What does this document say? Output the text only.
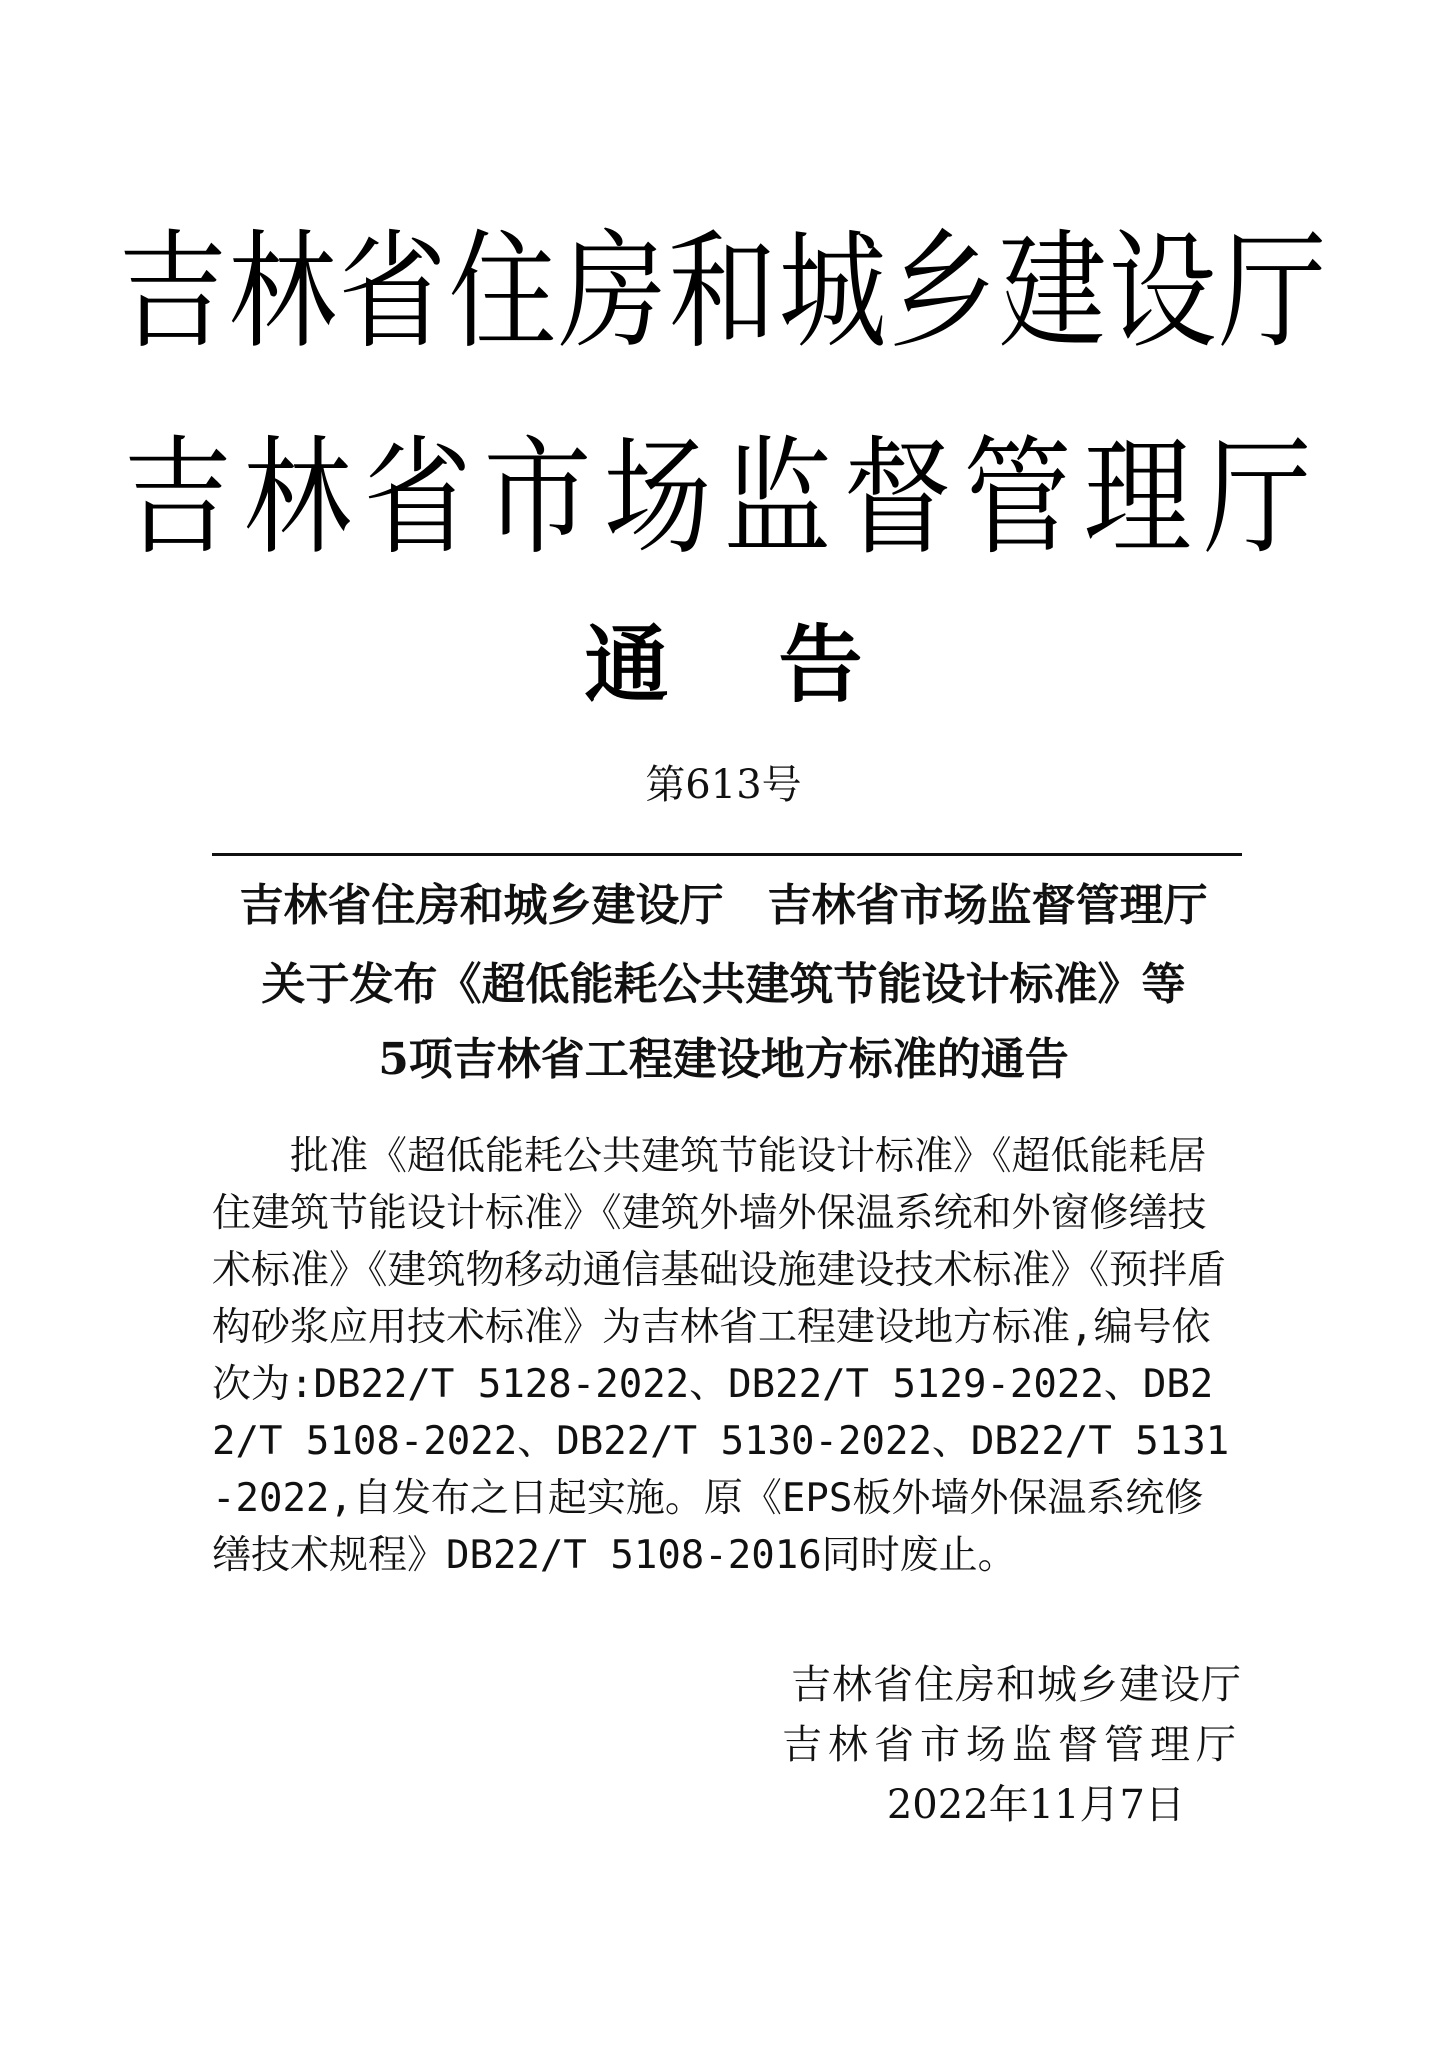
吉林省住房和城乡建设厅
吉林省市场监督管理厅
通告
第613号
吉林省住房和城乡建设厅　吉林省市场监督管理厅
关于发布《超低能耗公共建筑节能设计标准》等
5项吉林省工程建设地方标准的通告
批准《超低能耗公共建筑节能设计标准》《超低能耗居住建筑节能设计标准》《建筑外墙外保温系统和外窗修缮技术标准》《建筑物移动通信基础设施建设技术标准》《预拌盾构砂浆应用技术标准》为吉林省工程建设地方标准,编号依次为:DB22/T 5128-2022、DB22/T 5129-2022、DB22/T 5108-2022、DB22/T 5130-2022、DB22/T 5131-2022,自发布之日起实施。原《EPS板外墙外保温系统修缮技术规程》DB22/T 5108-2016同时废止。
吉林省住房和城乡建设厅
吉林省市场监督管理厅
2022年11月7日
